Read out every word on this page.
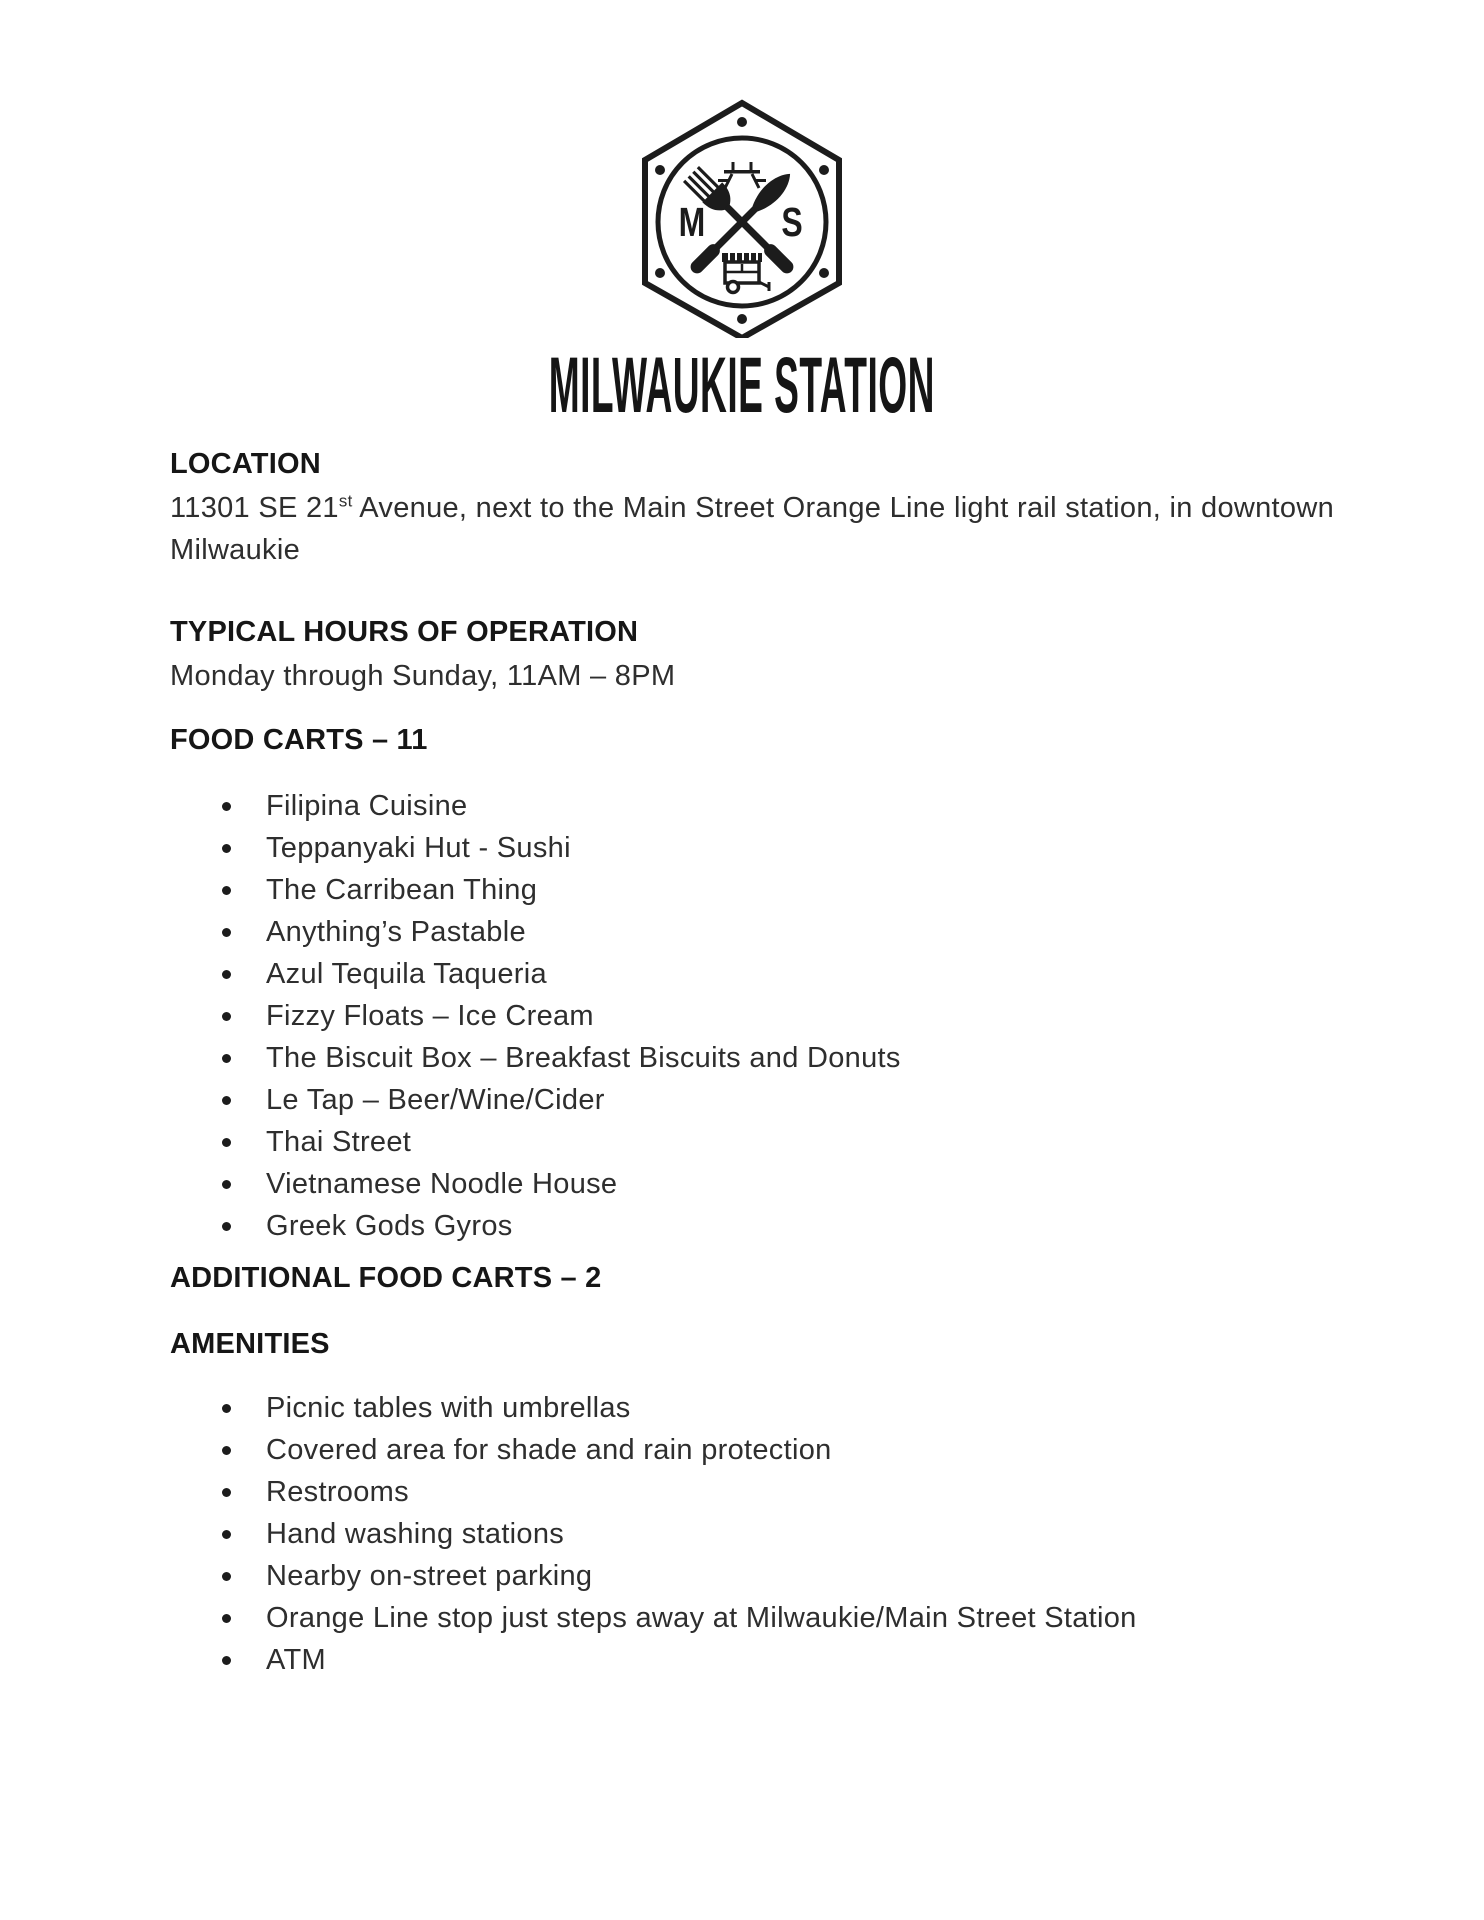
M S
MILWAUKIE STATION
LOCATION

11301 SE 21st Avenue, next to the Main Street Orange Line light rail station, in downtown Milwaukie

TYPICAL HOURS OF OPERATION

Monday through Sunday, 11AM – 8PM

FOOD CARTS – 11
Filipina Cuisine
Teppanyaki Hut - Sushi
The Carribean Thing
Anything’s Pastable
Azul Tequila Taqueria
Fizzy Floats – Ice Cream
The Biscuit Box – Breakfast Biscuits and Donuts
Le Tap – Beer/Wine/Cider
Thai Street
Vietnamese Noodle House
Greek Gods Gyros
ADDITIONAL FOOD CARTS – 2
AMENITIES
Picnic tables with umbrellas
Covered area for shade and rain protection
Restrooms
Hand washing stations
Nearby on-street parking
Orange Line stop just steps away at Milwaukie/Main Street Station
ATM
